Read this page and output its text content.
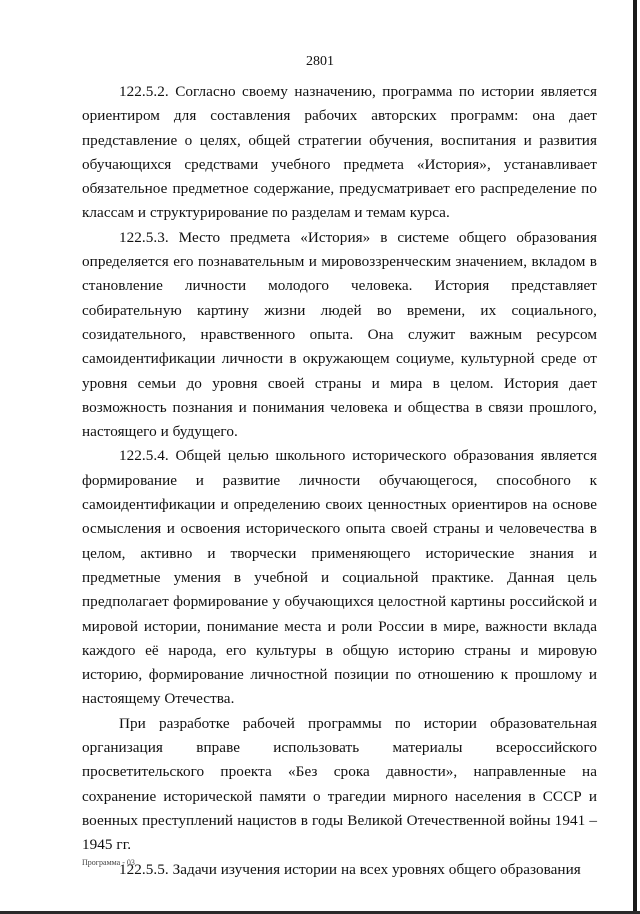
2801

122.5.2. Согласно своему назначению, программа по истории является ориентиром для составления рабочих авторских программ: она дает представление о целях, общей стратегии обучения, воспитания и развития обучающихся средствами учебного предмета «История», устанавливает обязательное предметное содержание, предусматривает его распределение по классам и структурирование по разделам и темам курса.

122.5.3. Место предмета «История» в системе общего образования определяется его познавательным и мировоззренческим значением, вкладом в становление личности молодого человека. История представляет собирательную картину жизни людей во времени, их социального, созидательного, нравственного опыта. Она служит важным ресурсом самоидентификации личности в окружающем социуме, культурной среде от уровня семьи до уровня своей страны и мира в целом. История дает возможность познания и понимания человека и общества в связи прошлого, настоящего и будущего.

122.5.4. Общей целью школьного исторического образования является формирование и развитие личности обучающегося, способного к самоидентификации и определению своих ценностных ориентиров на основе осмысления и освоения исторического опыта своей страны и человечества в целом, активно и творчески применяющего исторические знания и предметные умения в учебной и социальной практике. Данная цель предполагает формирование у обучающихся целостной картины российской и мировой истории, понимание места и роли России в мире, важности вклада каждого её народа, его культуры в общую историю страны и мировую историю, формирование личностной позиции по отношению к прошлому и настоящему Отечества.

При разработке рабочей программы по истории образовательная организация вправе использовать материалы всероссийского просветительского проекта «Без срока давности», направленные на сохранение исторической памяти о трагедии мирного населения в СССР и военных преступлений нацистов в годы Великой Отечественной войны 1941 – 1945 гг.

122.5.5. Задачи изучения истории на всех уровнях общего образования

Программа - 03
